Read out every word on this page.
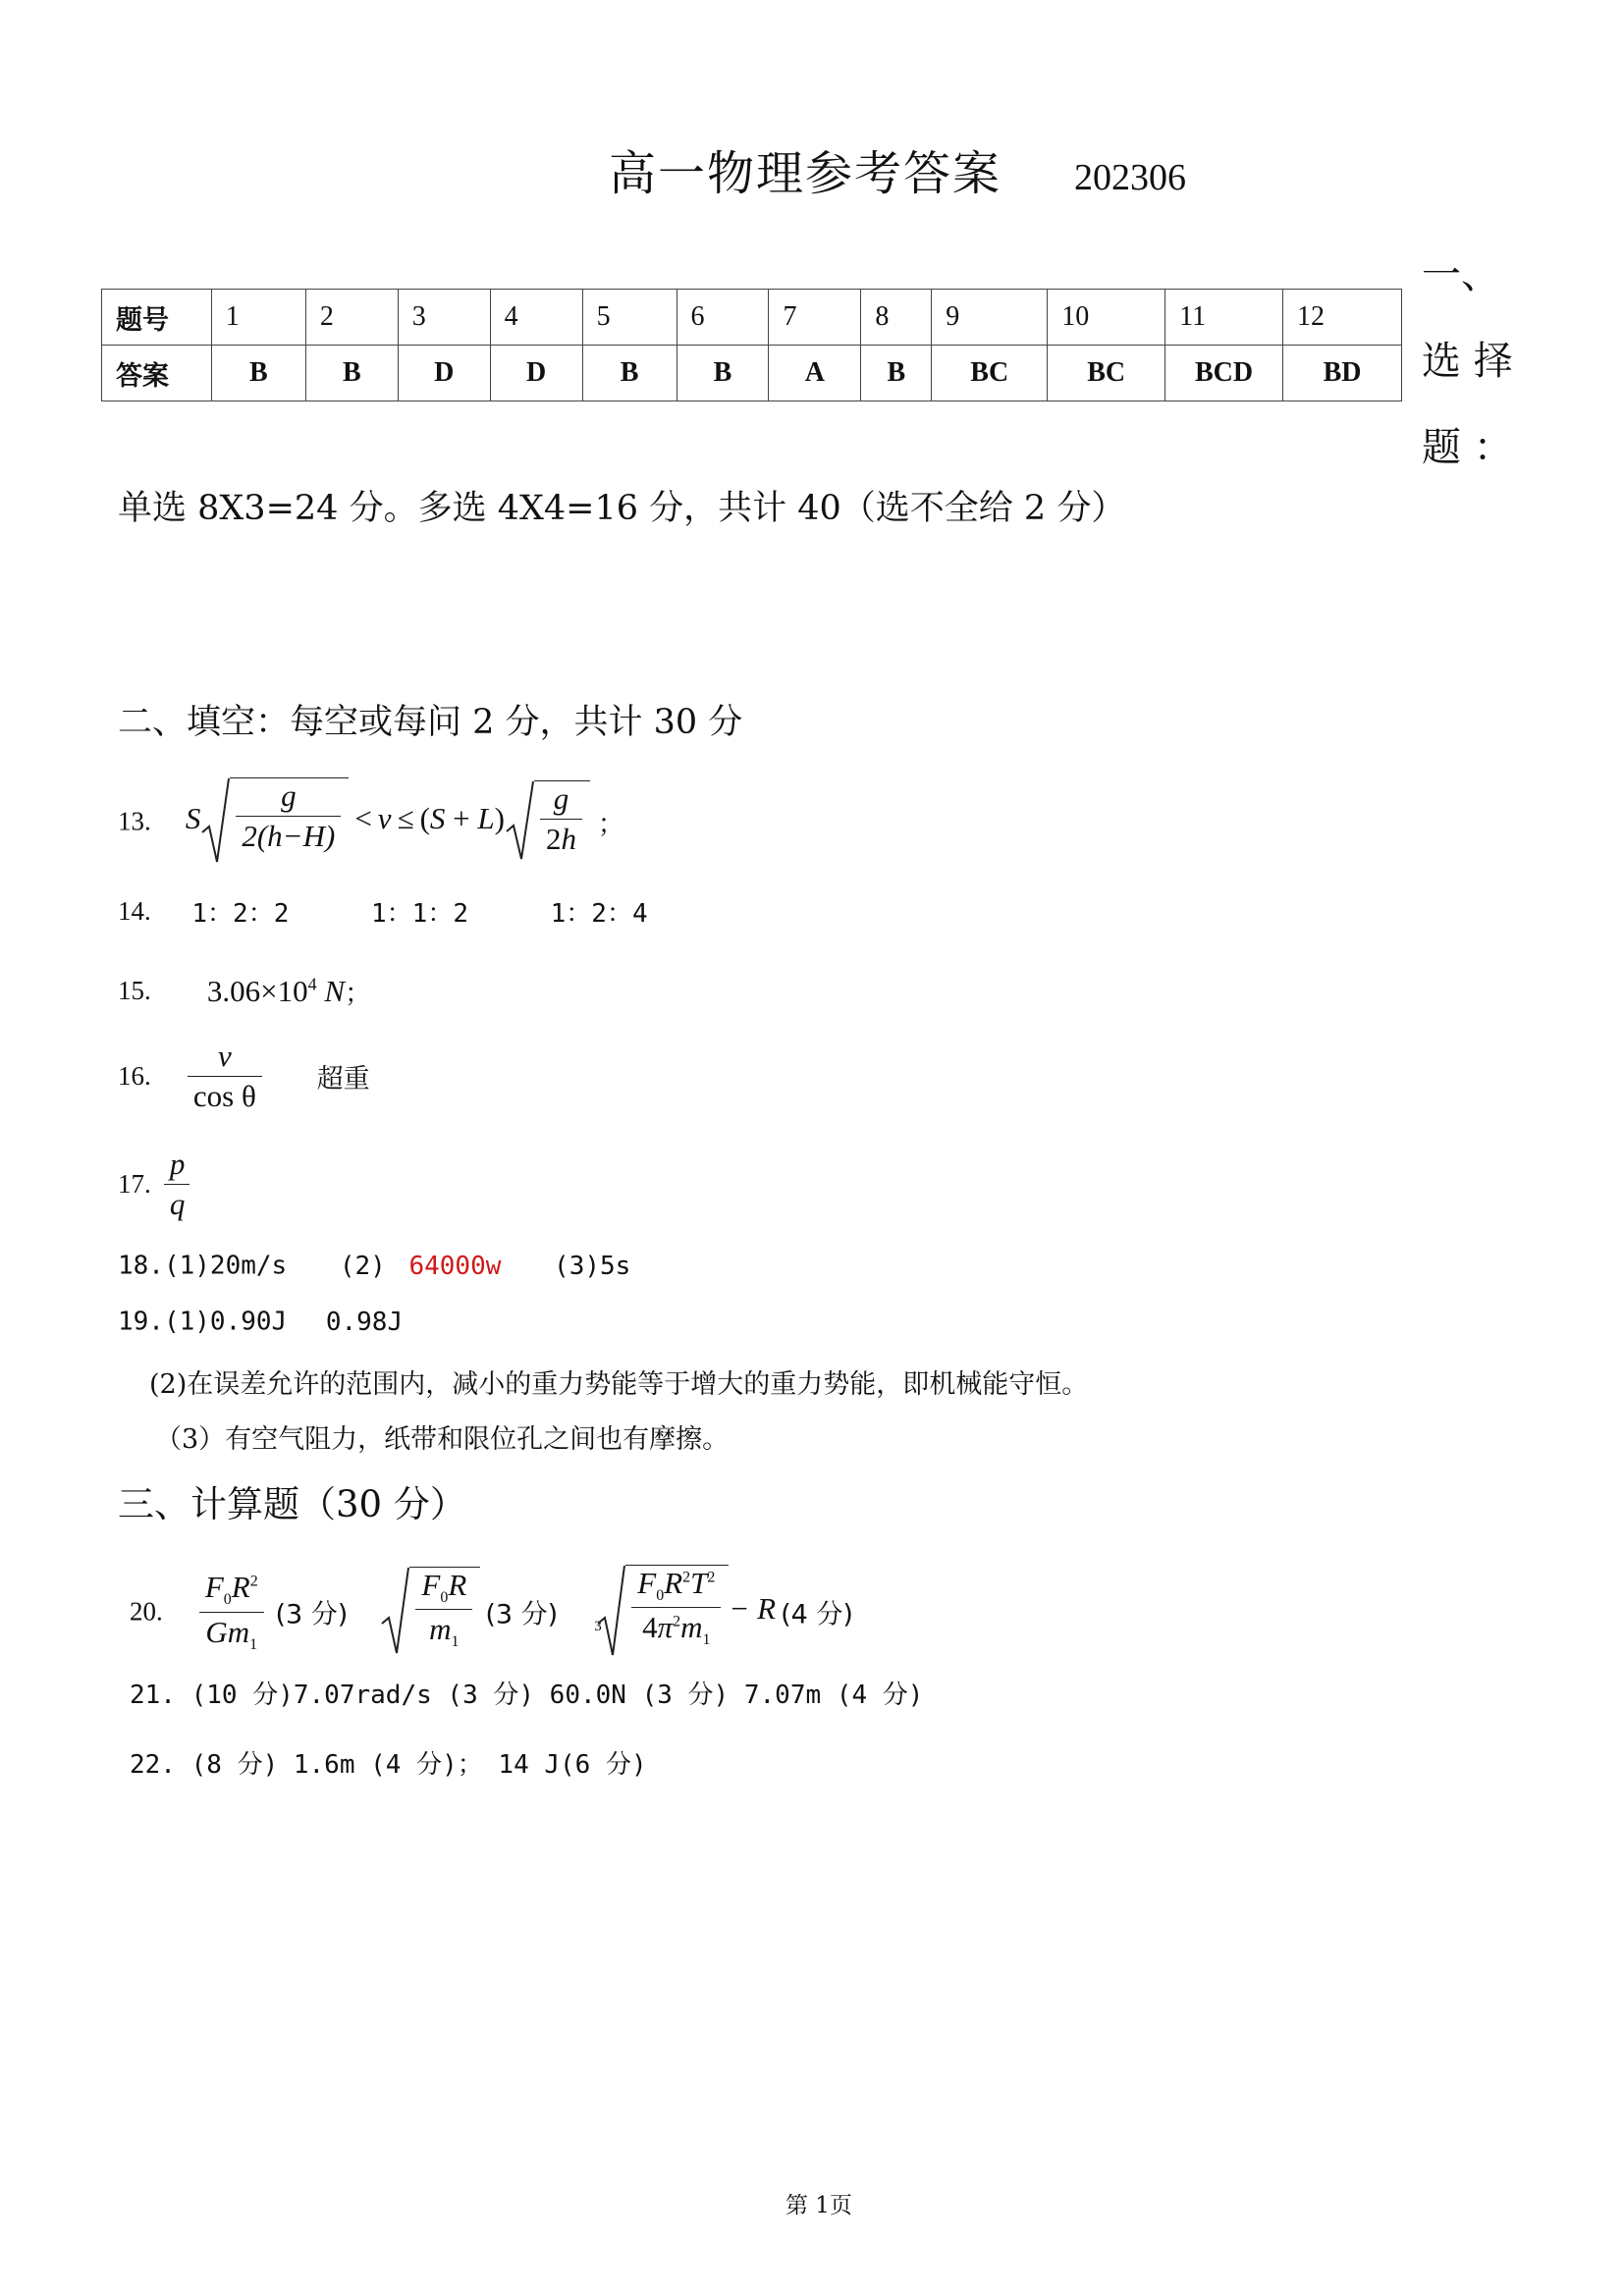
高一物理参考答案 202306
一、
选 择
题 ：
题号	1	2	3	4	5	6	7	8	9	10	11	12
答案	B	B	D	D	B	B	A	B	BC	BC	BCD	BD
单选 8X3=24 分。多选 4X4=16 分，共计 40（选不全给 2 分）
二、填空：每空或每问 2 分，共计 30 分
13. S $\frac{g}{2(h-H)} < v \le (S + L) \frac{g}{2h}$ ；
14. 1：2：2	1：1：2	1：2：4
15. $3.06\times 10^4$ N；
16. $\frac{v}{\text{cos θ}}$ 超重
17. $\frac{p}{q}$
18.(1)20m/s (2) 64000w (3)5s
19.(1)0.90J 0.98J
(2)在误差允许的范围内，减小的重力势能等于增大的重力势能，即机械能守恒。
（3）有空气阻力，纸带和限位孔之间也有摩擦。
三、计算题（30 分）
20. $\frac{F_0R^2}{Gm_1} (3$ 分) $\frac{F_0R}{m_1} (3$ 分) $3 \frac{F_0R^2T^2}{4\pi^2m_1} - R$ (4 分)
21. (10 分)7.07rad/s (3 分) 60.0N (3 分) 7.07m (4 分)
22. (8 分) 1.6m (4 分)； 14 J(6 分)
第 1页
